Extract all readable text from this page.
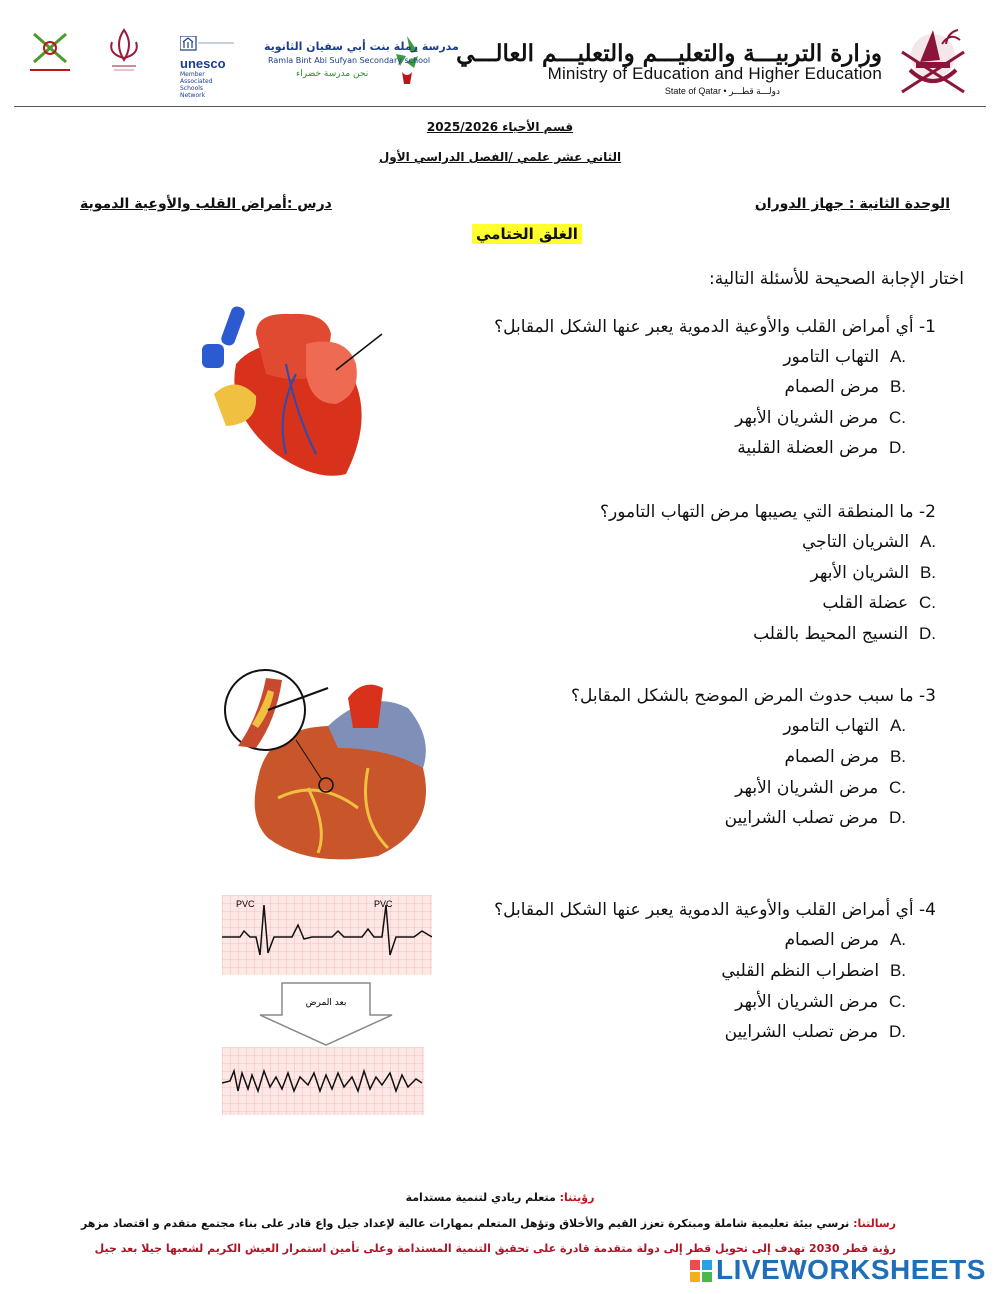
وزارة التربيـــة والتعليـــم والتعليـــم العالـــي
Ministry of Education and Higher Education
State of Qatar • دولـــة قطـــر
مدرسة رملة بنت أبي سفيان الثانوية
Ramla Bint Abi Sufyan Secondary school
نحن مدرسة خضراء
unesco
Member Associated Schools Network
قسم الأحياء 2025/2026
الثاني عشر علمي /الفصل الدراسي الأول
الوحدة الثانية : جهاز الدوران
درس :أمراض القلب والأوعية الدموية
الغلق الختامي
اختار الإجابة الصحيحة للأسئلة التالية:
1- أي أمراض القلب والأوعية الدموية يعبر عنها الشكل المقابل؟
التهاب التامور A.
مرض الصمام B.
مرض الشريان الأبهر C.
مرض العضلة القلبية D.
2- ما المنطقة التي يصيبها مرض التهاب التامور؟
الشريان التاجي A.
الشريان الأبهر B.
عضلة القلب C.
النسيج المحيط بالقلب D.
3- ما سبب حدوث المرض الموضح بالشكل المقابل؟
التهاب التامور A.
مرض الصمام B.
مرض الشريان الأبهر C.
مرض تصلب الشرايين D.
4- أي أمراض القلب والأوعية الدموية يعبر عنها الشكل المقابل؟
مرض الصمام A.
اضطراب النظم القلبي B.
مرض الشريان الأبهر C.
مرض تصلب الشرايين D.
PVC	PVC
بعد المرض
رؤيتنا: متعلم ريادي لتنمية مستدامة
رسالتنا: نرسي بيئة تعليمية شاملة ومبتكرة تعزز القيم والأخلاق وتؤهل المتعلم بمهارات عالية لإعداد جيل واع قادر على بناء مجتمع متقدم و اقتصاد مزهر
رؤية قطر 2030 تهدف إلى تحويل قطر إلى دولة متقدمة قادرة على تحقيق التنمية المستدامة وعلى تأمين استمرار العيش الكريم لشعبها جيلا بعد جيل
LIVEWORKSHEETS
